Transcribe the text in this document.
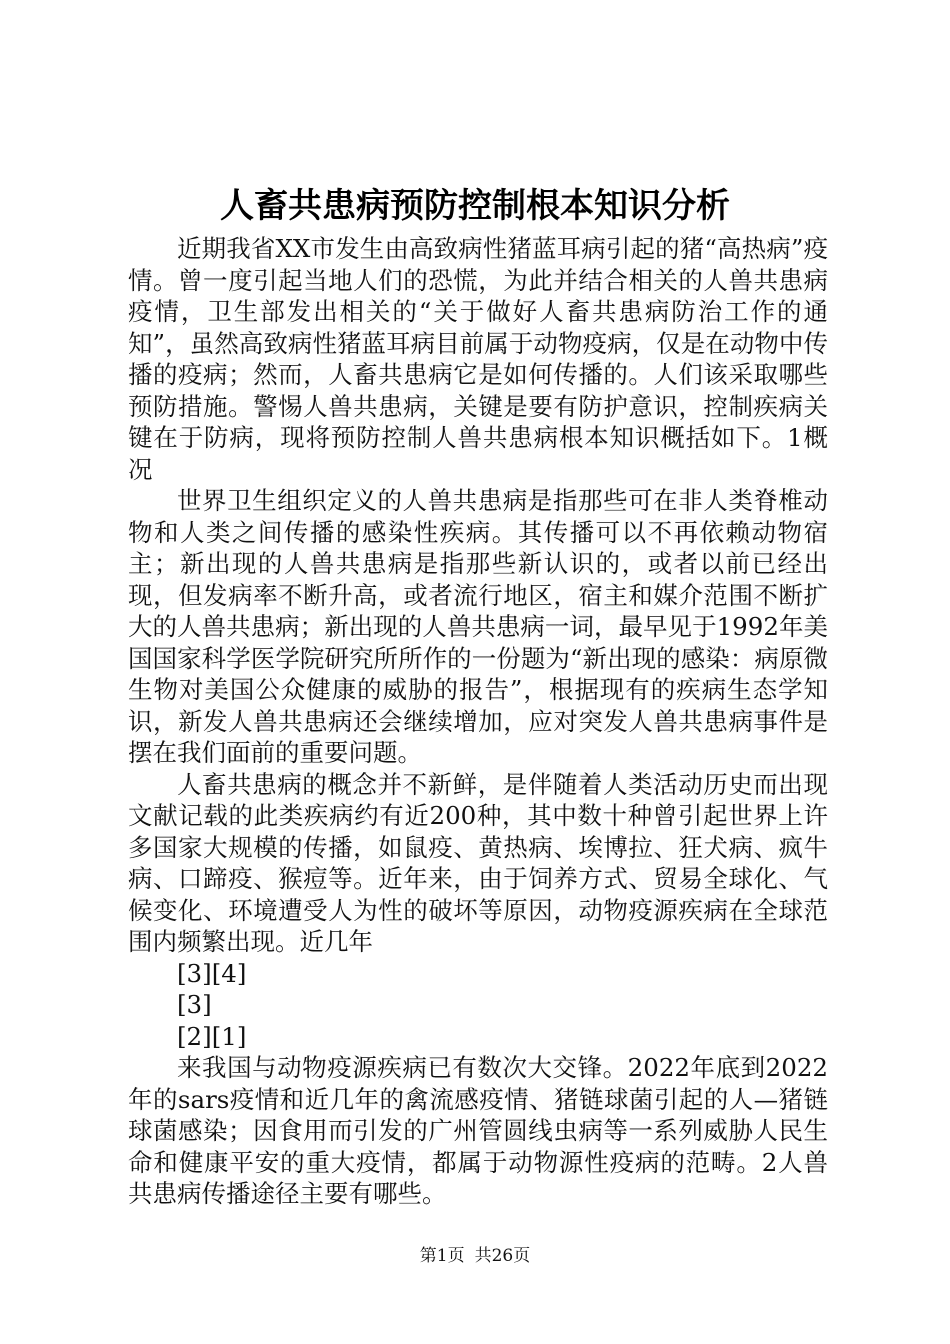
人畜共患病预防控制根本知识分析

近期我省XX市发生由高致病性猪蓝耳病引起的猪“高热病”疫情。曾一度引起当地人们的恐慌，为此并结合相关的人兽共患病疫情，卫生部发出相关的“关于做好人畜共患病防治工作的通知”，虽然高致病性猪蓝耳病目前属于动物疫病，仅是在动物中传播的疫病；然而，人畜共患病它是如何传播的。人们该采取哪些预防措施。警惕人兽共患病，关键是要有防护意识，控制疾病关键在于防病，现将预防控制人兽共患病根本知识概括如下。1概况

世界卫生组织定义的人兽共患病是指那些可在非人类脊椎动物和人类之间传播的感染性疾病。其传播可以不再依赖动物宿主；新出现的人兽共患病是指那些新认识的，或者以前已经出现，但发病率不断升高，或者流行地区，宿主和媒介范围不断扩大的人兽共患病；新出现的人兽共患病一词，最早见于1992年美国国家科学医学院研究所所作的一份题为“新出现的感染：病原微生物对美国公众健康的威胁的报告”，根据现有的疾病生态学知识，新发人兽共患病还会继续增加，应对突发人兽共患病事件是摆在我们面前的重要问题。

人畜共患病的概念并不新鲜，是伴随着人类活动历史而出现文献记载的此类疾病约有近200种，其中数十种曾引起世界上许多国家大规模的传播，如鼠疫、黄热病、埃博拉、狂犬病、疯牛病、口蹄疫、猴痘等。近年来，由于饲养方式、贸易全球化、气候变化、环境遭受人为性的破坏等原因，动物疫源疾病在全球范围内频繁出现。近几年

[3][4]

[3]

[2][1]

来我国与动物疫源疾病已有数次大交锋。2022年底到2022年的sars疫情和近几年的禽流感疫情、猪链球菌引起的人—猪链球菌感染；因食用而引发的广州管圆线虫病等一系列威胁人民生命和健康平安的重大疫情，都属于动物源性疫病的范畴。2人兽共患病传播途径主要有哪些。

第1页 共26页
